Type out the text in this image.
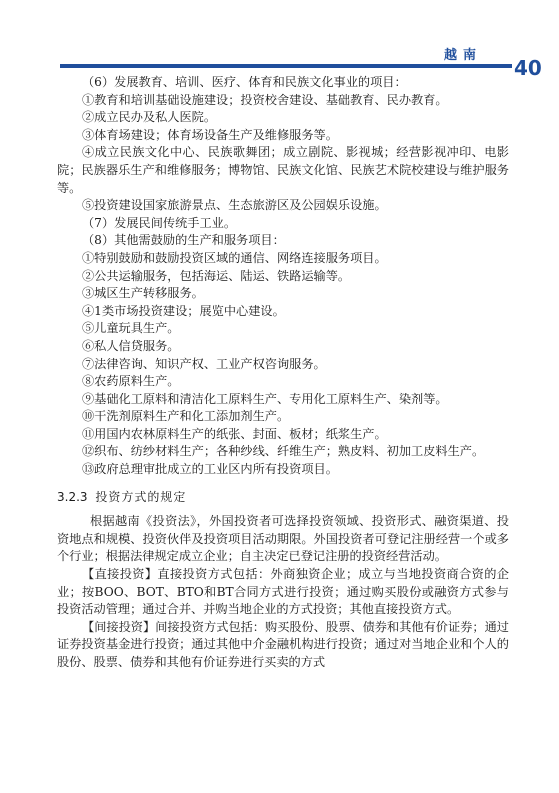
越南
40

（6）发展教育、培训、医疗、体育和民族文化事业的项目：

①教育和培训基础设施建设；投资校舍建设、基础教育、民办教育。

②成立民办及私人医院。

③体育场建设；体育场设备生产及维修服务等。

④成立民族文化中心、民族歌舞团；成立剧院、影视城；经营影视冲印、电影院；民族器乐生产和维修服务；博物馆、民族文化馆、民族艺术院校建设与维护服务等。

⑤投资建设国家旅游景点、生态旅游区及公园娱乐设施。

（7）发展民间传统手工业。

（8）其他需鼓励的生产和服务项目：

①特别鼓励和鼓励投资区域的通信、网络连接服务项目。

②公共运输服务，包括海运、陆运、铁路运输等。

③城区生产转移服务。

④1类市场投资建设；展览中心建设。

⑤儿童玩具生产。

⑥私人信贷服务。

⑦法律咨询、知识产权、工业产权咨询服务。

⑧农药原料生产。

⑨基础化工原料和清洁化工原料生产、专用化工原料生产、染剂等。

⑩干洗剂原料生产和化工添加剂生产。

⑪用国内农林原料生产的纸张、封面、板材；纸浆生产。

⑫织布、纺纱材料生产；各种纱线、纤维生产；熟皮料、初加工皮料生产。

⑬政府总理审批成立的工业区内所有投资项目。

3.2.3 投资方式的规定

根据越南《投资法》，外国投资者可选择投资领域、投资形式、融资渠道、投资地点和规模、投资伙伴及投资项目活动期限。外国投资者可登记注册经营一个或多个行业；根据法律规定成立企业；自主决定已登记注册的投资经营活动。

【直接投资】直接投资方式包括：外商独资企业；成立与当地投资商合资的企业；按BOO、BOT、BTO和BT合同方式进行投资；通过购买股份或融资方式参与投资活动管理；通过合并、并购当地企业的方式投资；其他直接投资方式。

【间接投资】间接投资方式包括：购买股份、股票、债券和其他有价证券；通过证券投资基金进行投资；通过其他中介金融机构进行投资；通过对当地企业和个人的股份、股票、债券和其他有价证券进行买卖的方式
